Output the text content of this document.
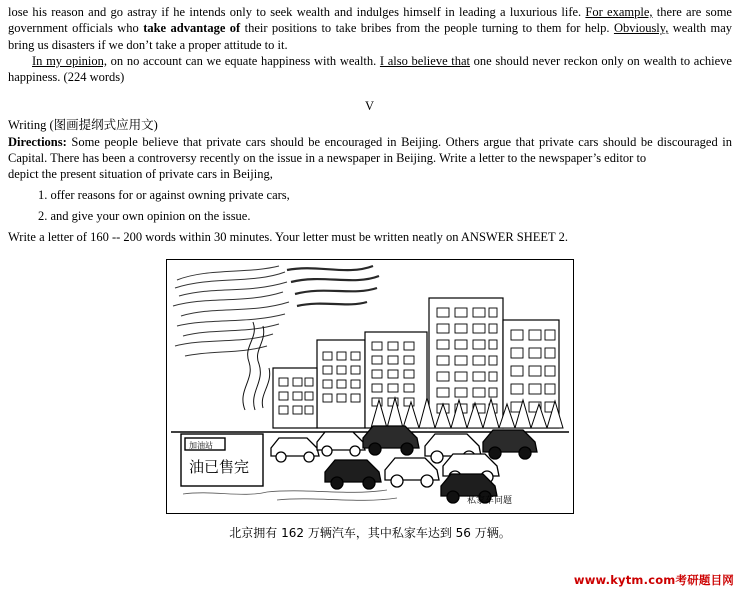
lose his reason and go astray if he intends only to seek wealth and indulges himself in leading a luxurious life. For example, there are some government officials who take advantage of their positions to take bribes from the people turning to them for help. Obviously, wealth may bring us disasters if we don’t take a proper attitude to it.

In my opinion, on no account can we equate happiness with wealth. I also believe that one should never reckon only on wealth to achieve happiness. (224 words)

V
Writing (图画提纲式应用文)

Directions: Some people believe that private cars should be encouraged in Beijing. Others argue that private cars should be discouraged in Capital. There has been a controversy recently on the issue in a newspaper in Beijing. Write a letter to the newspaper’s editor to

depict the present situation of private cars in Beijing,
1. offer reasons for or against owning private cars,
2. and give your own opinion on the issue.
Write a letter of 160 -- 200 words within 30 minutes. Your letter must be written neatly on ANSWER SHEET 2.
加油站
油已售完
私家车问题
北京拥有 162 万辆汽车，其中私家车达到 56 万辆。
www.kytm.com考研题目网
